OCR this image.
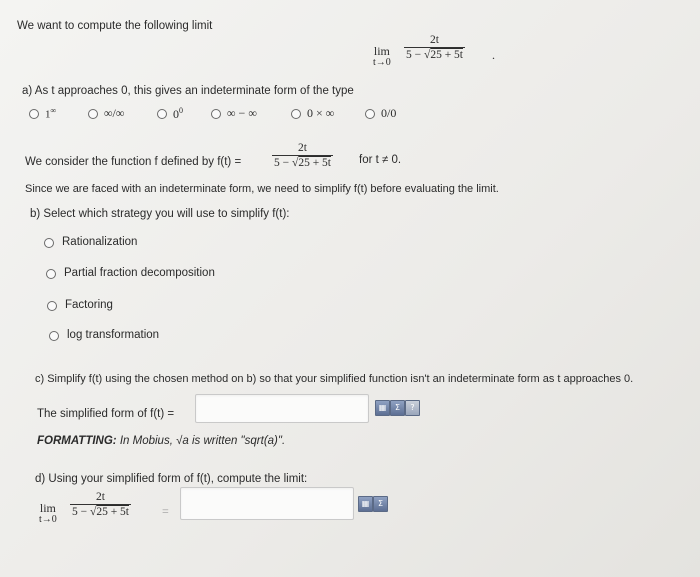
We want to compute the following limit
lim
t→0
$\frac{2t}{5 - √25 + 5t}$ .
a) As t approaches 0, this gives an indeterminate form of the type
1∞	∞/∞	$0^0$	∞ − ∞	0 × ∞	0/0
We consider the function f defined by f(t) =	$\frac{2t}{5 - √25 + 5t}$ for t ≠ 0.
Since we are faced with an indeterminate form, we need to simplify f(t) before evaluating the limit.
b) Select which strategy you will use to simplify f(t):
Rationalization
Partial fraction decomposition
Factoring
log transformation
c) Simplify f(t) using the chosen method on b) so that your simplified function isn't an indeterminate form as t approaches 0.
The simplified form of f(t) =
▦	Σ	?
FORMATTING: In Mobius, √a is written "sqrt(a)".
d) Using your simplified form of f(t), compute the limit:
lim
t→0
$\frac{2t}{5 - √25 + 5t}$	=
▦	Σ
